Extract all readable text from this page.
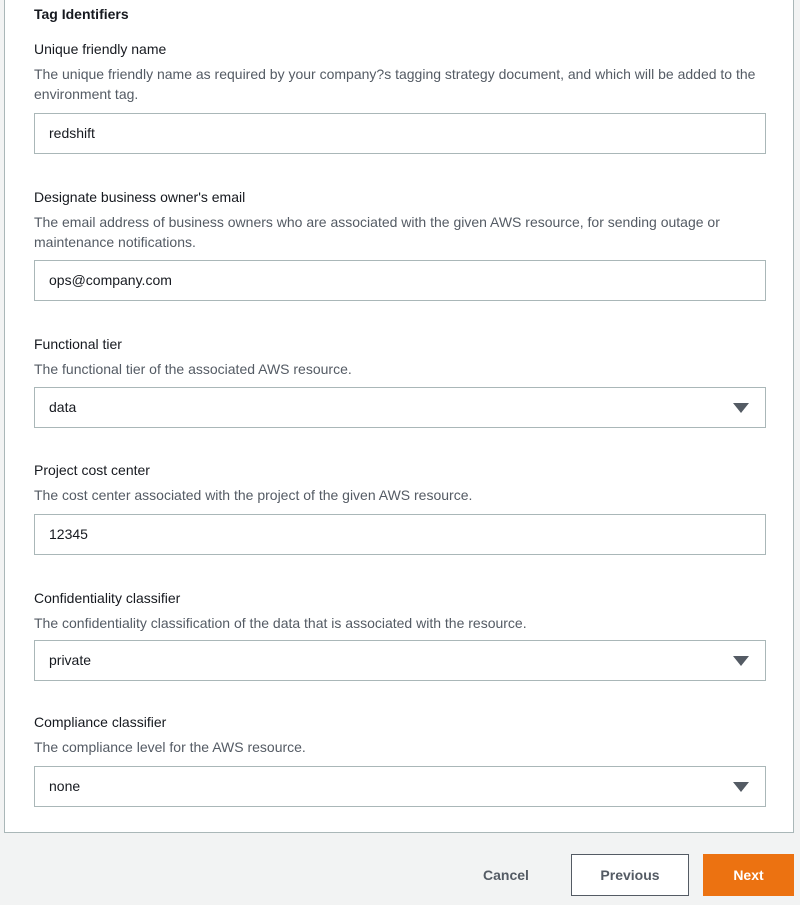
Tag Identifiers

Unique friendly name

The unique friendly name as required by your company?s tagging strategy document, and which will be added to the environment tag.

redshift

Designate business owner's email

The email address of business owners who are associated with the given AWS resource, for sending outage or maintenance notifications.

ops@company.com

Functional tier

The functional tier of the associated AWS resource.

data

Project cost center

The cost center associated with the project of the given AWS resource.

12345

Confidentiality classifier

The confidentiality classification of the data that is associated with the resource.

private

Compliance classifier

The compliance level for the AWS resource.

none
Cancel	Previous	Next
